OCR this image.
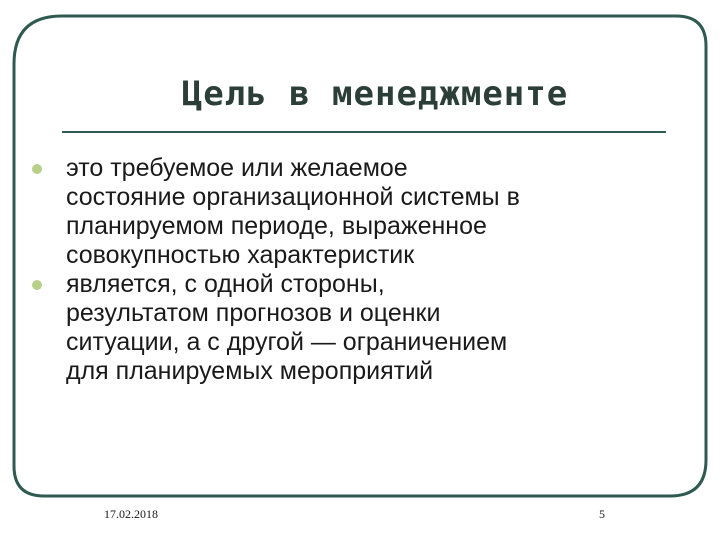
Цель в менеджменте
это требуемое или желаемое
состояние организационной системы в
планируемом периоде, выраженное
совокупностью характеристик
является, с одной стороны,
результатом прогнозов и оценки
ситуации, а с другой — ограничением
для планируемых мероприятий
17.02.2018	5
